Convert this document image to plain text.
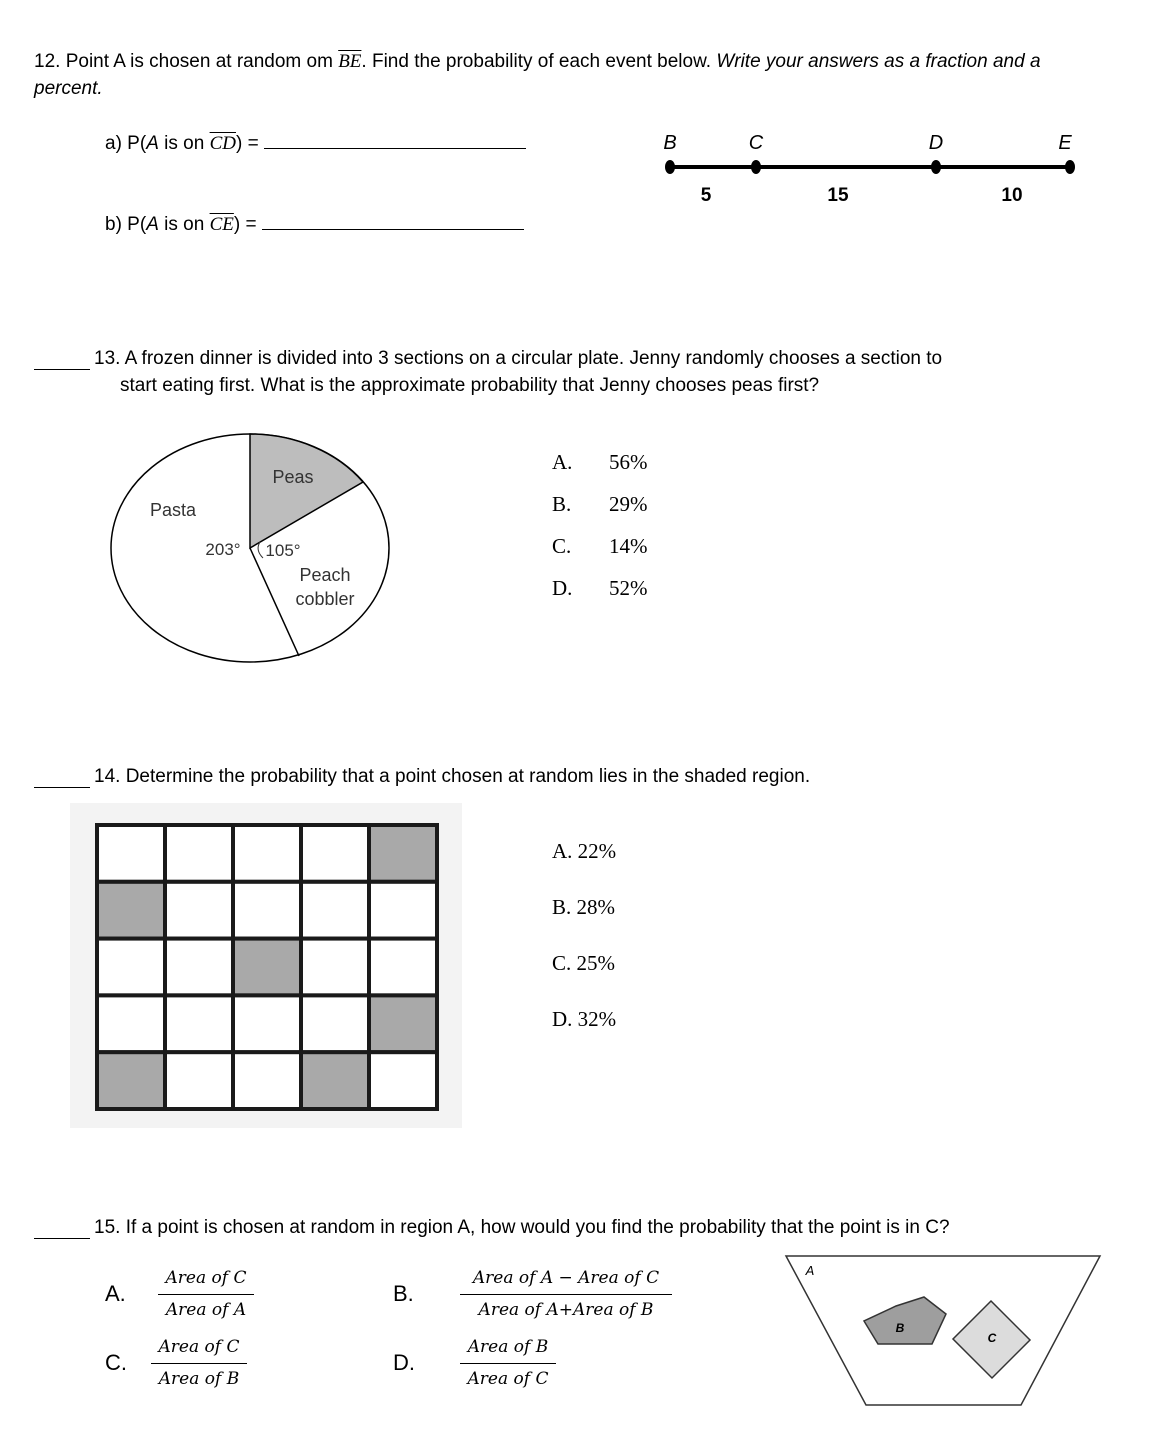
12. Point A is chosen at random om $\overline{BE}$. Find the probability of each event below. Write your answers as a fraction and a
percent.
a) P(A is on $\overline{CD}$) =
b) P(A is on $\overline{CE}$) =
B	C	D	E
5	15	10
13. A frozen dinner is divided into 3 sections on a circular plate. Jenny randomly chooses a section to
start eating first. What is the approximate probability that Jenny chooses peas first?
Peas
Pasta
Peach
cobbler
203° 105°
A. 56%
B. 29%
C. 14%
D. 52%
14. Determine the probability that a point chosen at random lies in the shaded region.
A. 22%
B. 28%
C. 25%
D. 32%
15. If a point is chosen at random in region A, how would you find the probability that the point is in C?
A.
Area of C
Area of A
B.
Area of A − Area of C
Area of A+Area of B
C.
Area of C
Area of B
D.
Area of B
Area of C
A
B
C
